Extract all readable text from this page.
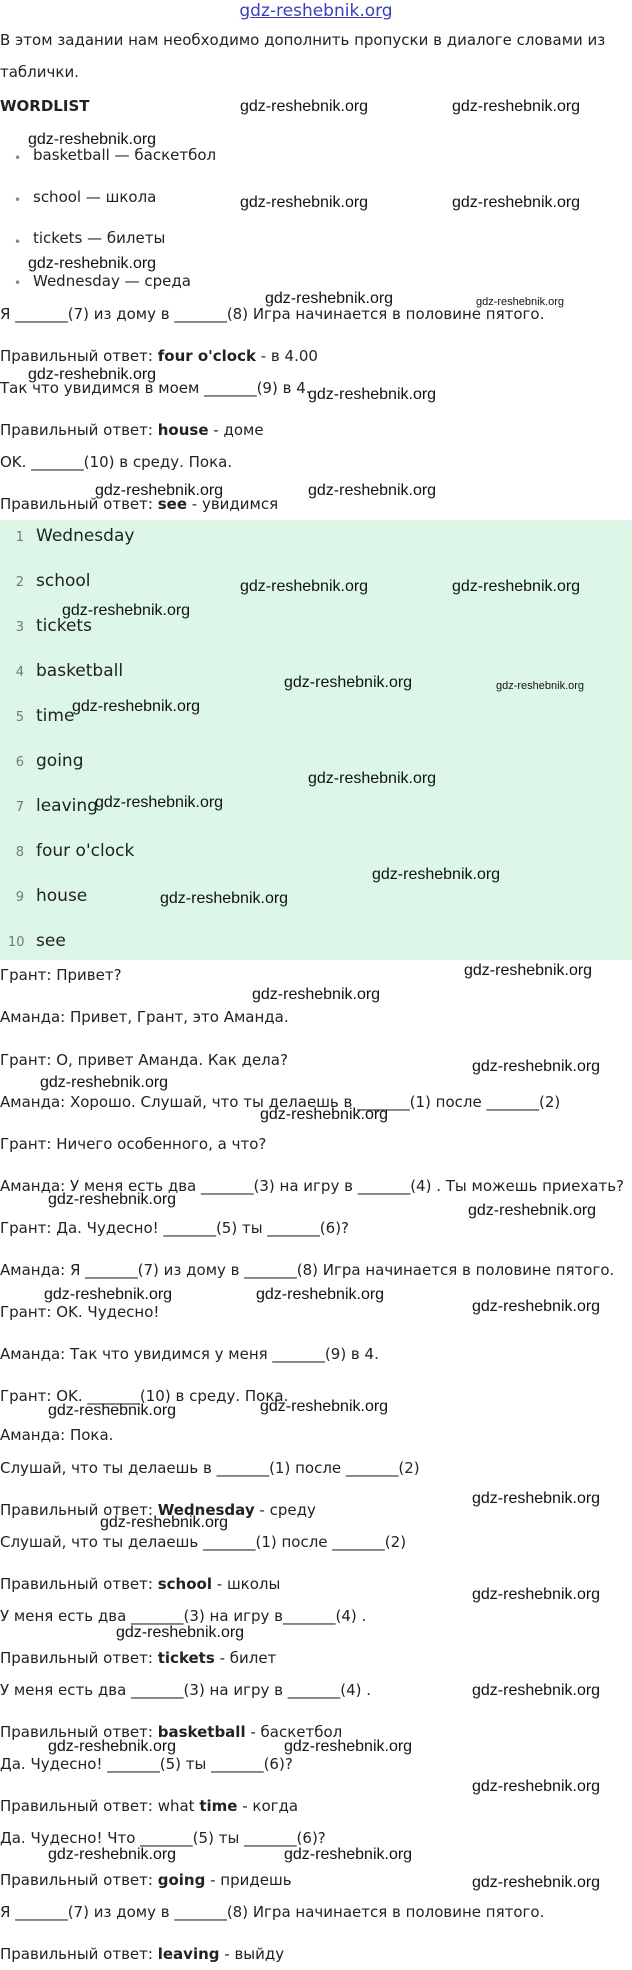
gdz-reshebnik.org
В этом задании нам необходимо дополнить пропуски в диалоге словами из
таблички.
WORDLIST
• basketball — баскетбол
• school — школа
• tickets — билеты
• Wednesday — среда
Я _______(7) из дому в _______(8) Игра начинается в половине пятого.
Правильный ответ: four o'clock - в 4.00
Так что увидимся в моем _______(9) в 4.
Правильный ответ: house - доме
OK. _______(10) в среду. Пока.
Правильный ответ: see - увидимся
1 Wednesday
2 school
3 tickets
4 basketball
5 time
6 going
7 leaving
8 four o'clock
9 house
10 see
Грант: Привет?
Аманда: Привет, Грант, это Аманда.
Грант: О, привет Аманда. Как дела?
Аманда: Хорошо. Слушай, что ты делаешь в _______(1) после _______(2)
Грант: Ничего особенного, а что?
Аманда: У меня есть два _______(3) на игру в _______(4) . Ты можешь приехать?
Грант: Да. Чудесно! _______(5) ты _______(6)?
Аманда: Я _______(7) из дому в _______(8) Игра начинается в половине пятого.
Грант: OK. Чудесно!
Аманда: Так что увидимся у меня _______(9) в 4.
Грант: OK. _______(10) в среду. Пока.
Аманда: Пока.
Слушай, что ты делаешь в _______(1) после _______(2)
Правильный ответ: Wednesday - среду
Слушай, что ты делаешь _______(1) после _______(2)
Правильный ответ: school - школы
У меня есть два _______(3) на игру в_______(4) .
Правильный ответ: tickets - билет
У меня есть два _______(3) на игру в _______(4) .
Правильный ответ: basketball - баскетбол
Да. Чудесно! _______(5) ты _______(6)?
Правильный ответ: what time - когда
Да. Чудесно! Что _______(5) ты _______(6)?
Правильный ответ: going - придешь
Я _______(7) из дому в _______(8) Игра начинается в половине пятого.
Правильный ответ: leaving - выйду
gdz-reshebnik.org	gdz-reshebnik.org
gdz-reshebnik.org
gdz-reshebnik.org	gdz-reshebnik.org
gdz-reshebnik.org
gdz-reshebnik.org	gdz-reshebnik.org
gdz-reshebnik.org
gdz-reshebnik.org
gdz-reshebnik.org	gdz-reshebnik.org
gdz-reshebnik.org	gdz-reshebnik.org
gdz-reshebnik.org
gdz-reshebnik.org	gdz-reshebnik.org
gdz-reshebnik.org
gdz-reshebnik.org
gdz-reshebnik.org
gdz-reshebnik.org
gdz-reshebnik.org
gdz-reshebnik.org
gdz-reshebnik.org
gdz-reshebnik.org
gdz-reshebnik.org
gdz-reshebnik.org
gdz-reshebnik.org
gdz-reshebnik.org
gdz-reshebnik.org	gdz-reshebnik.org
gdz-reshebnik.org
gdz-reshebnik.org	gdz-reshebnik.org
gdz-reshebnik.org
gdz-reshebnik.org
gdz-reshebnik.org
gdz-reshebnik.org
gdz-reshebnik.org
gdz-reshebnik.org	gdz-reshebnik.org
gdz-reshebnik.org
gdz-reshebnik.org	gdz-reshebnik.org
gdz-reshebnik.org
